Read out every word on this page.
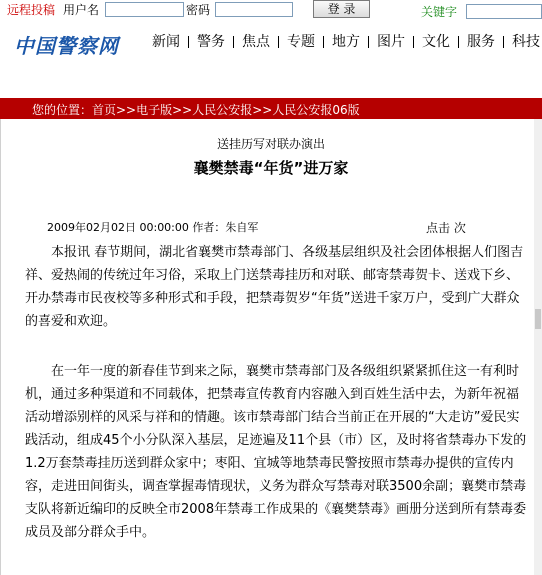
远程投稿 用户名	密码	登 录	关键字
中国警察网 新闻 警务 焦点 专题 地方 图片 文化 服务 科技
您的位置：首页>>电子版>>人民公安报>>人民公安报06版
送挂历写对联办演出
襄樊禁毒“年货”进万家
2009年02月02日 00:00:00 作者：朱自军	点击 次
本报讯 春节期间，湖北省襄樊市禁毒部门、各级基层组织及社会团体根据人们图吉祥、爱热闹的传统过年习俗，采取上门送禁毒挂历和对联、邮寄禁毒贺卡、送戏下乡、开办禁毒市民夜校等多种形式和手段，把禁毒贺岁“年货”送进千家万户，受到广大群众的喜爱和欢迎。
在一年一度的新春佳节到来之际，襄樊市禁毒部门及各级组织紧紧抓住这一有利时机，通过多种渠道和不同载体，把禁毒宣传教育内容融入到百姓生活中去，为新年祝福活动增添别样的风采与祥和的情趣。该市禁毒部门结合当前正在开展的“大走访”爱民实践活动，组成45个小分队深入基层，足迹遍及11个县（市）区，及时将省禁毒办下发的1.2万套禁毒挂历送到群众家中；枣阳、宜城等地禁毒民警按照市禁毒办提供的宣传内容，走进田间街头，调查掌握毒情现状，义务为群众写禁毒对联3500余副；襄樊市禁毒支队将新近编印的反映全市2008年禁毒工作成果的《襄樊禁毒》画册分送到所有禁毒委成员及部分群众手中。
